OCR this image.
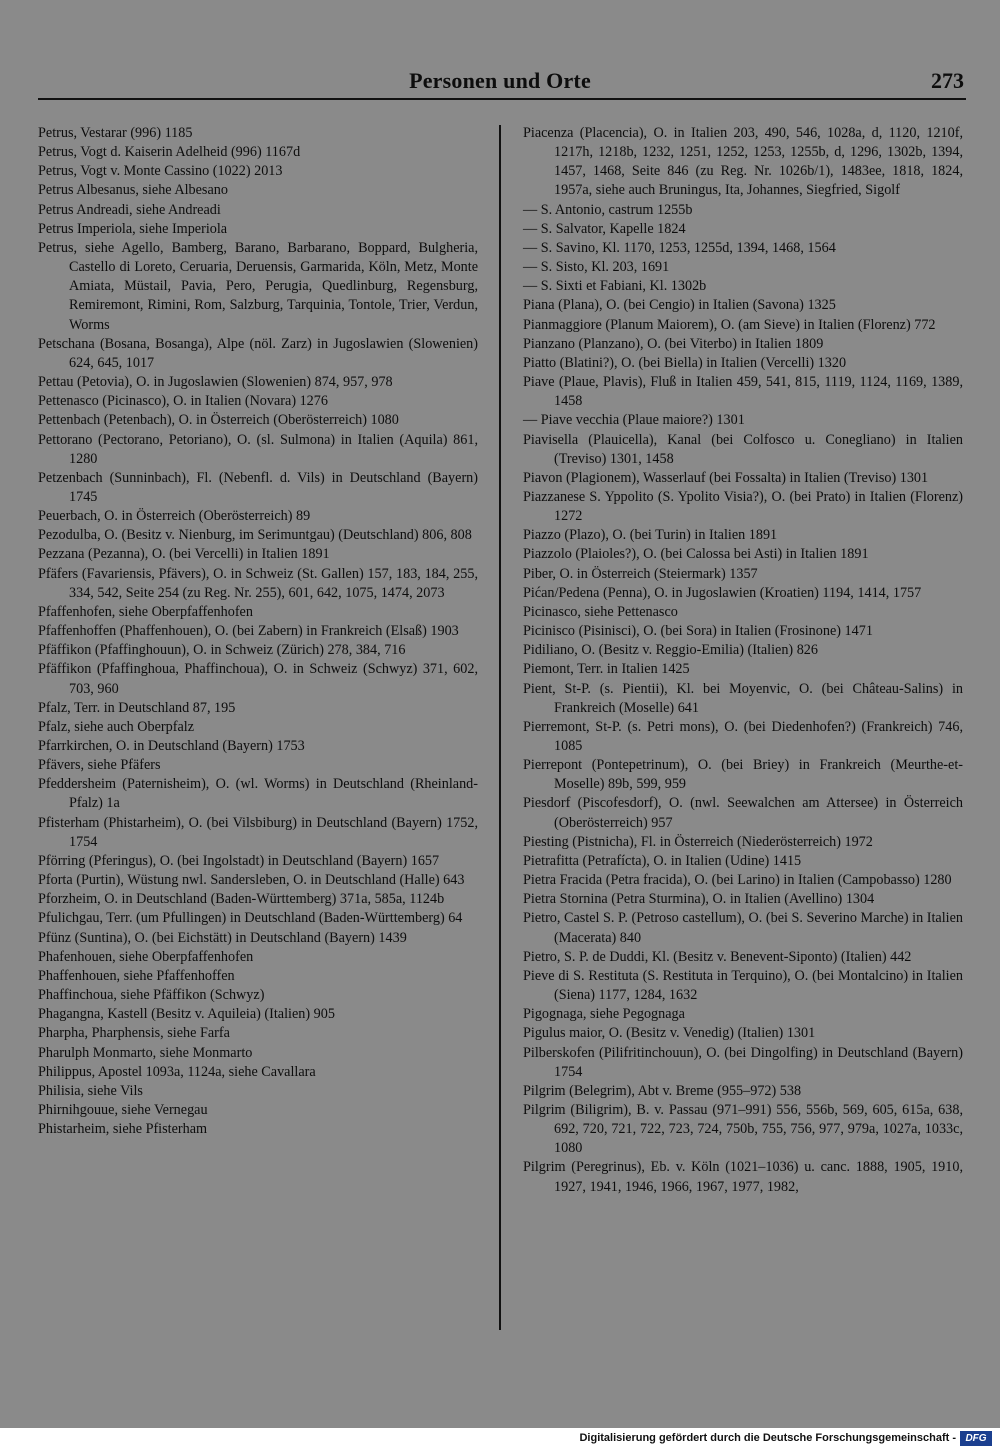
Personen und Orte	273
Petrus, Vestarar (996) 1185
Petrus, Vogt d. Kaiserin Adelheid (996) 1167d
Petrus, Vogt v. Monte Cassino (1022) 2013
Petrus Albesanus, siehe Albesano
Petrus Andreadi, siehe Andreadi
Petrus Imperiola, siehe Imperiola
Petrus, siehe Agello, Bamberg, Barano, Barbarano, Boppard, Bulgheria, Castello di Loreto, Ceruaria, Deruensis, Garmarida, Köln, Metz, Monte Amiata, Müstail, Pavia, Pero, Perugia, Quedlinburg, Regensburg, Remiremont, Rimini, Rom, Salzburg, Tarquinia, Tontole, Trier, Verdun, Worms
Petschana (Bosana, Bosanga), Alpe (nöl. Zarz) in Jugoslawien (Slowenien) 624, 645, 1017
Pettau (Petovia), O. in Jugoslawien (Slowenien) 874, 957, 978
Pettenasco (Picinasco), O. in Italien (Novara) 1276
Pettenbach (Petenbach), O. in Österreich (Oberösterreich) 1080
Pettorano (Pectorano, Petoriano), O. (sl. Sulmona) in Italien (Aquila) 861, 1280
Petzenbach (Sunninbach), Fl. (Nebenfl. d. Vils) in Deutschland (Bayern) 1745
Peuerbach, O. in Österreich (Oberösterreich) 89
Pezodulba, O. (Besitz v. Nienburg, im Serimuntgau) (Deutschland) 806, 808
Pezzana (Pezanna), O. (bei Vercelli) in Italien 1891
Pfäfers (Favariensis, Pfävers), O. in Schweiz (St. Gallen) 157, 183, 184, 255, 334, 542, Seite 254 (zu Reg. Nr. 255), 601, 642, 1075, 1474, 2073
Pfaffenhofen, siehe Oberpfaffenhofen
Pfaffenhoffen (Phaffenhouen), O. (bei Zabern) in Frankreich (Elsaß) 1903
Pfäffikon (Pfaffinghouun), O. in Schweiz (Zürich) 278, 384, 716
Pfäffikon (Pfaffinghoua, Phaffinchoua), O. in Schweiz (Schwyz) 371, 602, 703, 960
Pfalz, Terr. in Deutschland 87, 195
Pfalz, siehe auch Oberpfalz
Pfarrkirchen, O. in Deutschland (Bayern) 1753
Pfävers, siehe Pfäfers
Pfeddersheim (Paternisheim), O. (wl. Worms) in Deutschland (Rheinland-Pfalz) 1a
Pfisterham (Phistarheim), O. (bei Vilsbiburg) in Deutschland (Bayern) 1752, 1754
Pförring (Pferingus), O. (bei Ingolstadt) in Deutschland (Bayern) 1657
Pforta (Purtin), Wüstung nwl. Sandersleben, O. in Deutschland (Halle) 643
Pforzheim, O. in Deutschland (Baden-Württemberg) 371a, 585a, 1124b
Pfulichgau, Terr. (um Pfullingen) in Deutschland (Baden-Württemberg) 64
Pfünz (Suntina), O. (bei Eichstätt) in Deutschland (Bayern) 1439
Phafenhouen, siehe Oberpfaffenhofen
Phaffenhouen, siehe Pfaffenhoffen
Phaffinchoua, siehe Pfäffikon (Schwyz)
Phagangna, Kastell (Besitz v. Aquileia) (Italien) 905
Pharpha, Pharphensis, siehe Farfa
Pharulph Monmarto, siehe Monmarto
Philippus, Apostel 1093a, 1124a, siehe Cavallara
Philisia, siehe Vils
Phirnihgouue, siehe Vernegau
Phistarheim, siehe Pfisterham
Piacenza (Placencia), O. in Italien 203, 490, 546, 1028a, d, 1120, 1210f, 1217h, 1218b, 1232, 1251, 1252, 1253, 1255b, d, 1296, 1302b, 1394, 1457, 1468, Seite 846 (zu Reg. Nr. 1026b/1), 1483ee, 1818, 1824, 1957a, siehe auch Bruningus, Ita, Johannes, Siegfried, Sigolf
— S. Antonio, castrum 1255b
— S. Salvator, Kapelle 1824
— S. Savino, Kl. 1170, 1253, 1255d, 1394, 1468, 1564
— S. Sisto, Kl. 203, 1691
— S. Sixti et Fabiani, Kl. 1302b
Piana (Plana), O. (bei Cengio) in Italien (Savona) 1325
Pianmaggiore (Planum Maiorem), O. (am Sieve) in Italien (Florenz) 772
Pianzano (Planzano), O. (bei Viterbo) in Italien 1809
Piatto (Blatini?), O. (bei Biella) in Italien (Vercelli) 1320
Piave (Plaue, Plavis), Fluß in Italien 459, 541, 815, 1119, 1124, 1169, 1389, 1458
— Piave vecchia (Plaue maiore?) 1301
Piavisella (Plauicella), Kanal (bei Colfosco u. Conegliano) in Italien (Treviso) 1301, 1458
Piavon (Plagionem), Wasserlauf (bei Fossalta) in Italien (Treviso) 1301
Piazzanese S. Yppolito (S. Ypolito Visia?), O. (bei Prato) in Italien (Florenz) 1272
Piazzo (Plazo), O. (bei Turin) in Italien 1891
Piazzolo (Plaioles?), O. (bei Calossa bei Asti) in Italien 1891
Piber, O. in Österreich (Steiermark) 1357
Pićan/Pedena (Penna), O. in Jugoslawien (Kroatien) 1194, 1414, 1757
Picinasco, siehe Pettenasco
Picinisco (Pisinisci), O. (bei Sora) in Italien (Frosinone) 1471
Pidiliano, O. (Besitz v. Reggio-Emilia) (Italien) 826
Piemont, Terr. in Italien 1425
Pient, St-P. (s. Pientii), Kl. bei Moyenvic, O. (bei Château-Salins) in Frankreich (Moselle) 641
Pierremont, St-P. (s. Petri mons), O. (bei Diedenhofen?) (Frankreich) 746, 1085
Pierrepont (Pontepetrinum), O. (bei Briey) in Frankreich (Meurthe-et-Moselle) 89b, 599, 959
Piesdorf (Piscofesdorf), O. (nwl. Seewalchen am Attersee) in Österreich (Oberösterreich) 957
Piesting (Pistnicha), Fl. in Österreich (Niederösterreich) 1972
Pietrafitta (Petrafícta), O. in Italien (Udine) 1415
Pietra Fracida (Petra fracida), O. (bei Larino) in Italien (Campobasso) 1280
Pietra Stornina (Petra Sturmina), O. in Italien (Avellino) 1304
Pietro, Castel S. P. (Petroso castellum), O. (bei S. Severino Marche) in Italien (Macerata) 840
Pietro, S. P. de Duddi, Kl. (Besitz v. Benevent-Siponto) (Italien) 442
Pieve di S. Restituta (S. Restituta in Terquino), O. (bei Montalcino) in Italien (Siena) 1177, 1284, 1632
Pigognaga, siehe Pegognaga
Pigulus maior, O. (Besitz v. Venedig) (Italien) 1301
Pilberskofen (Pilifritinchouun), O. (bei Dingolfing) in Deutschland (Bayern) 1754
Pilgrim (Belegrim), Abt v. Breme (955–972) 538
Pilgrim (Biligrim), B. v. Passau (971–991) 556, 556b, 569, 605, 615a, 638, 692, 720, 721, 722, 723, 724, 750b, 755, 756, 977, 979a, 1027a, 1033c, 1080
Pilgrim (Peregrinus), Eb. v. Köln (1021–1036) u. canc. 1888, 1905, 1910, 1927, 1941, 1946, 1966, 1967, 1977, 1982,
Digitalisierung gefördert durch die Deutsche Forschungsgemeinschaft - DFG
